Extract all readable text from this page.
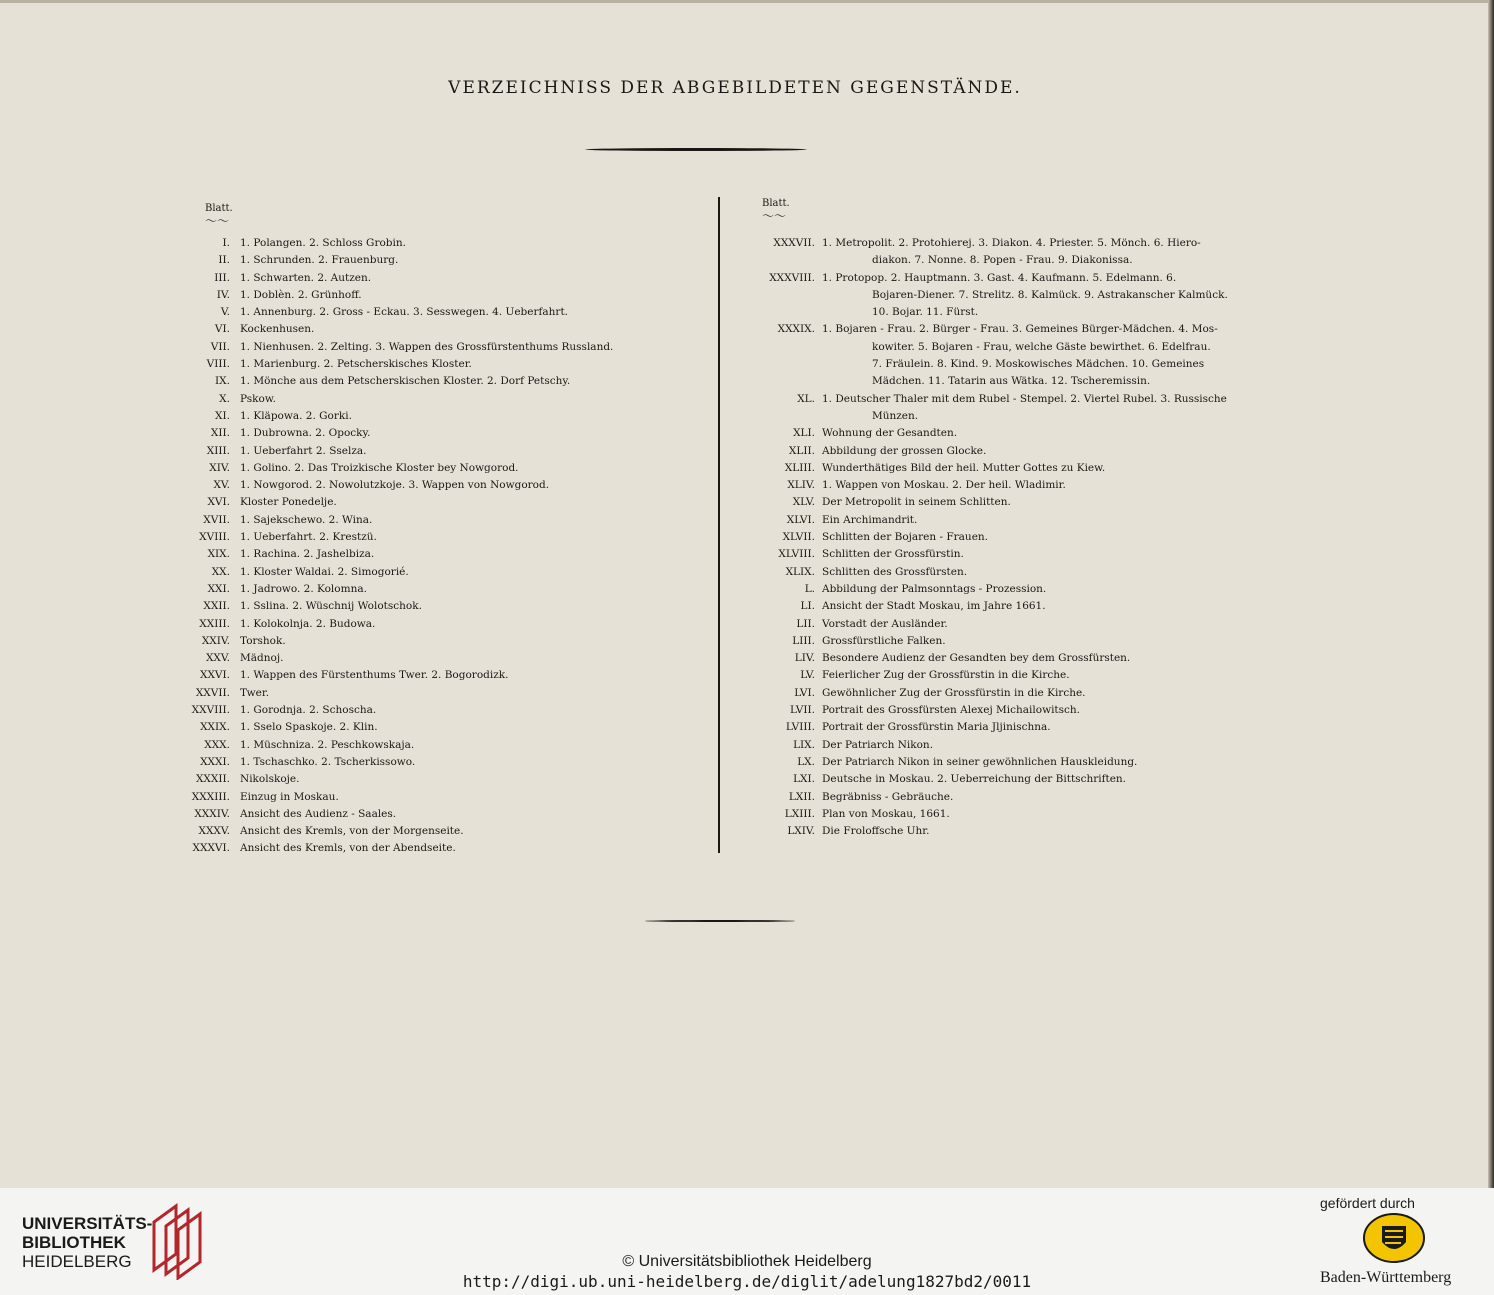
VERZEICHNISS DER ABGEBILDETEN GEGENSTÄNDE.
Blatt.
〜〜
I. 1. Polangen. 2. Schloss Grobin.
II. 1. Schrunden. 2. Frauenburg.
III. 1. Schwarten. 2. Autzen.
IV. 1. Doblèn. 2. Grünhoff.
V. 1. Annenburg. 2. Gross - Eckau. 3. Sesswegen. 4. Ueberfahrt.
VI. Kockenhusen.
VII. 1. Nienhusen. 2. Zelting. 3. Wappen des Grossfürstenthums Russland.
VIII. 1. Marienburg. 2. Petscherskisches Kloster.
IX. 1. Mönche aus dem Petscherskischen Kloster. 2. Dorf Petschy.
X. Pskow.
XI. 1. Kläpowa. 2. Gorki.
XII. 1. Dubrowna. 2. Opocky.
XIII. 1. Ueberfahrt 2. Sselza.
XIV. 1. Golino. 2. Das Troizkische Kloster bey Nowgorod.
XV. 1. Nowgorod. 2. Nowolutzkoje. 3. Wappen von Nowgorod.
XVI. Kloster Ponedelje.
XVII. 1. Sajekschewo. 2. Wina.
XVIII. 1. Ueberfahrt. 2. Krestzü.
XIX. 1. Rachina. 2. Jashelbiza.
XX. 1. Kloster Waldai. 2. Simogorié.
XXI. 1. Jadrowo. 2. Kolomna.
XXII. 1. Sslina. 2. Wüschnij Wolotschok.
XXIII. 1. Kolokolnja. 2. Budowa.
XXIV. Torshok.
XXV. Mädnoj.
XXVI. 1. Wappen des Fürstenthums Twer. 2. Bogorodizk.
XXVII. Twer.
XXVIII. 1. Gorodnja. 2. Schoscha.
XXIX. 1. Sselo Spaskoje. 2. Klin.
XXX. 1. Müschniza. 2. Peschkowskaja.
XXXI. 1. Tschaschko. 2. Tscherkissowo.
XXXII. Nikolskoje.
XXXIII. Einzug in Moskau.
XXXIV. Ansicht des Audienz - Saales.
XXXV. Ansicht des Kremls, von der Morgenseite.
XXXVI. Ansicht des Kremls, von der Abendseite.
Blatt.
〜〜
XXXVII. 1. Metropolit. 2. Protohierej. 3. Diakon. 4. Priester. 5. Mönch. 6. Hiero-
diakon. 7. Nonne. 8. Popen - Frau. 9. Diakonissa.
XXXVIII. 1. Protopop. 2. Hauptmann. 3. Gast. 4. Kaufmann. 5. Edelmann. 6.
Bojaren-Diener. 7. Strelitz. 8. Kalmück. 9. Astrakanscher Kalmück.
10. Bojar. 11. Fürst.
XXXIX. 1. Bojaren - Frau. 2. Bürger - Frau. 3. Gemeines Bürger-Mädchen. 4. Mos-
kowiter. 5. Bojaren - Frau, welche Gäste bewirthet. 6. Edelfrau.
7. Fräulein. 8. Kind. 9. Moskowisches Mädchen. 10. Gemeines
Mädchen. 11. Tatarin aus Wätka. 12. Tscheremissin.
XL. 1. Deutscher Thaler mit dem Rubel - Stempel. 2. Viertel Rubel. 3. Russische
Münzen.
XLI. Wohnung der Gesandten.
XLII. Abbildung der grossen Glocke.
XLIII. Wunderthätiges Bild der heil. Mutter Gottes zu Kiew.
XLIV. 1. Wappen von Moskau. 2. Der heil. Wladimir.
XLV. Der Metropolit in seinem Schlitten.
XLVI. Ein Archimandrit.
XLVII. Schlitten der Bojaren - Frauen.
XLVIII. Schlitten der Grossfürstin.
XLIX. Schlitten des Grossfürsten.
L. Abbildung der Palmsonntags - Prozession.
LI. Ansicht der Stadt Moskau, im Jahre 1661.
LII. Vorstadt der Ausländer.
LIII. Grossfürstliche Falken.
LIV. Besondere Audienz der Gesandten bey dem Grossfürsten.
LV. Feierlicher Zug der Grossfürstin in die Kirche.
LVI. Gewöhnlicher Zug der Grossfürstin in die Kirche.
LVII. Portrait des Grossfürsten Alexej Michailowitsch.
LVIII. Portrait der Grossfürstin Maria Jljinischna.
LIX. Der Patriarch Nikon.
LX. Der Patriarch Nikon in seiner gewöhnlichen Hauskleidung.
LXI. Deutsche in Moskau. 2. Ueberreichung der Bittschriften.
LXII. Begräbniss - Gebräuche.
LXIII. Plan von Moskau, 1661.
LXIV. Die Froloffsche Uhr.
UNIVERSITÄTS-
BIBLIOTHEK
HEIDELBERG	© Universitätsbibliothek Heidelberg
http://digi.ub.uni-heidelberg.de/diglit/adelung1827bd2/0011
gefördert durch
Baden-Württemberg
